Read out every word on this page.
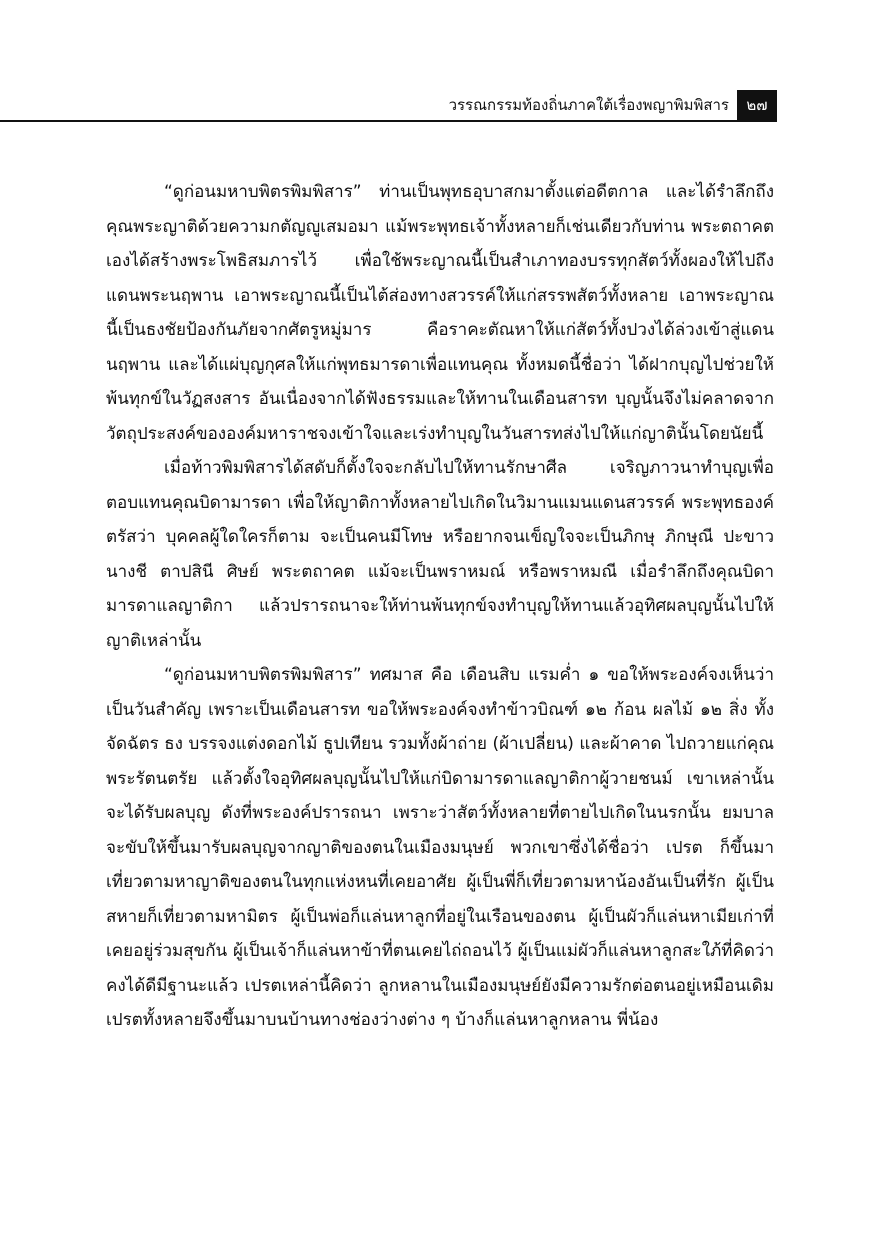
วรรณกรรมท้องถิ่นภาคใต้เรื่องพญาพิมพิสาร	๒๗

“ดูก่อนมหาบพิตรพิมพิสาร” ท่านเป็นพุทธอุบาสกมาตั้งแต่อดีตกาล และได้รำลึกถึงคุณพระญาติด้วยความกตัญญูเสมอมา แม้พระพุทธเจ้าทั้งหลายก็เช่นเดียวกับท่าน พระตถาคตเองได้สร้างพระโพธิสมภารไว้ เพื่อใช้พระญาณนี้เป็นสำเภาทองบรรทุกสัตว์ทั้งผองให้ไปถึงแดนพระนฤพาน เอาพระญาณนี้เป็นไต้ส่องทางสวรรค์ให้แก่สรรพสัตว์ทั้งหลาย เอาพระญาณนี้เป็นธงชัยป้องกันภัยจากศัตรูหมู่มาร คือราคะตัณหาให้แก่สัตว์ทั้งปวงได้ล่วงเข้าสู่แดนนฤพาน และได้แผ่บุญกุศลให้แก่พุทธมารดาเพื่อแทนคุณ ทั้งหมดนี้ชื่อว่า ได้ฝากบุญไปช่วยให้พ้นทุกข์ในวัฏสงสาร อันเนื่องจากได้ฟังธรรมและให้ทานในเดือนสารท บุญนั้นจึงไม่คลาดจากวัตถุประสงค์ขององค์มหาราชจงเข้าใจและเร่งทำบุญในวันสารทส่งไปให้แก่ญาตินั้นโดยนัยนี้

เมื่อท้าวพิมพิสารได้สดับก็ตั้งใจจะกลับไปให้ทานรักษาศีล เจริญภาวนาทำบุญเพื่อตอบแทนคุณบิดามารดา เพื่อให้ญาติกาทั้งหลายไปเกิดในวิมานแมนแดนสวรรค์ พระพุทธองค์ตรัสว่า บุคคลผู้ใดใครก็ตาม จะเป็นคนมีโทษ หรือยากจนเข็ญใจจะเป็นภิกษุ ภิกษุณี ปะขาว นางชี ตาปสินี ศิษย์ พระตถาคต แม้จะเป็นพราหมณ์ หรือพราหมณี เมื่อรำลึกถึงคุณบิดามารดาแลญาติกา แล้วปรารถนาจะให้ท่านพ้นทุกข์จงทำบุญให้ทานแล้วอุทิศผลบุญนั้นไปให้ญาติเหล่านั้น

“ดูก่อนมหาบพิตรพิมพิสาร” ทศมาส คือ เดือนสิบ แรมค่ำ ๑ ขอให้พระองค์จงเห็นว่า เป็นวันสำคัญ เพราะเป็นเดือนสารท ขอให้พระองค์จงทำข้าวบิณฑ์ ๑๒ ก้อน ผลไม้ ๑๒ สิ่ง ทั้งจัดฉัตร ธง บรรจงแต่งดอกไม้ ธูปเทียน รวมทั้งผ้าถ่าย (ผ้าเปลี่ยน) และผ้าคาด ไปถวายแก่คุณพระรัตนตรัย แล้วตั้งใจอุทิศผลบุญนั้นไปให้แก่บิดามารดาแลญาติกาผู้วายชนม์ เขาเหล่านั้นจะได้รับผลบุญ ดังที่พระองค์ปรารถนา เพราะว่าสัตว์ทั้งหลายที่ตายไปเกิดในนรกนั้น ยมบาลจะขับให้ขึ้นมารับผลบุญจากญาติของตนในเมืองมนุษย์ พวกเขาซึ่งได้ชื่อว่า เปรต ก็ขึ้นมาเที่ยวตามหาญาติของตนในทุกแห่งหนที่เคยอาศัย ผู้เป็นพี่ก็เที่ยวตามหาน้องอันเป็นที่รัก ผู้เป็นสหายก็เที่ยวตามหามิตร ผู้เป็นพ่อก็แล่นหาลูกที่อยู่ในเรือนของตน ผู้เป็นผัวก็แล่นหาเมียเก่าที่เคยอยู่ร่วมสุขกัน ผู้เป็นเจ้าก็แล่นหาข้าที่ตนเคยไถ่ถอนไว้ ผู้เป็นแม่ผัวก็แล่นหาลูกสะใภ้ที่คิดว่าคงได้ดีมีฐานะแล้ว เปรตเหล่านี้คิดว่า ลูกหลานในเมืองมนุษย์ยังมีความรักต่อตนอยู่เหมือนเดิม เปรตทั้งหลายจึงขึ้นมาบนบ้านทางช่องว่างต่าง ๆ บ้างก็แล่นหาลูกหลาน พี่น้อง
